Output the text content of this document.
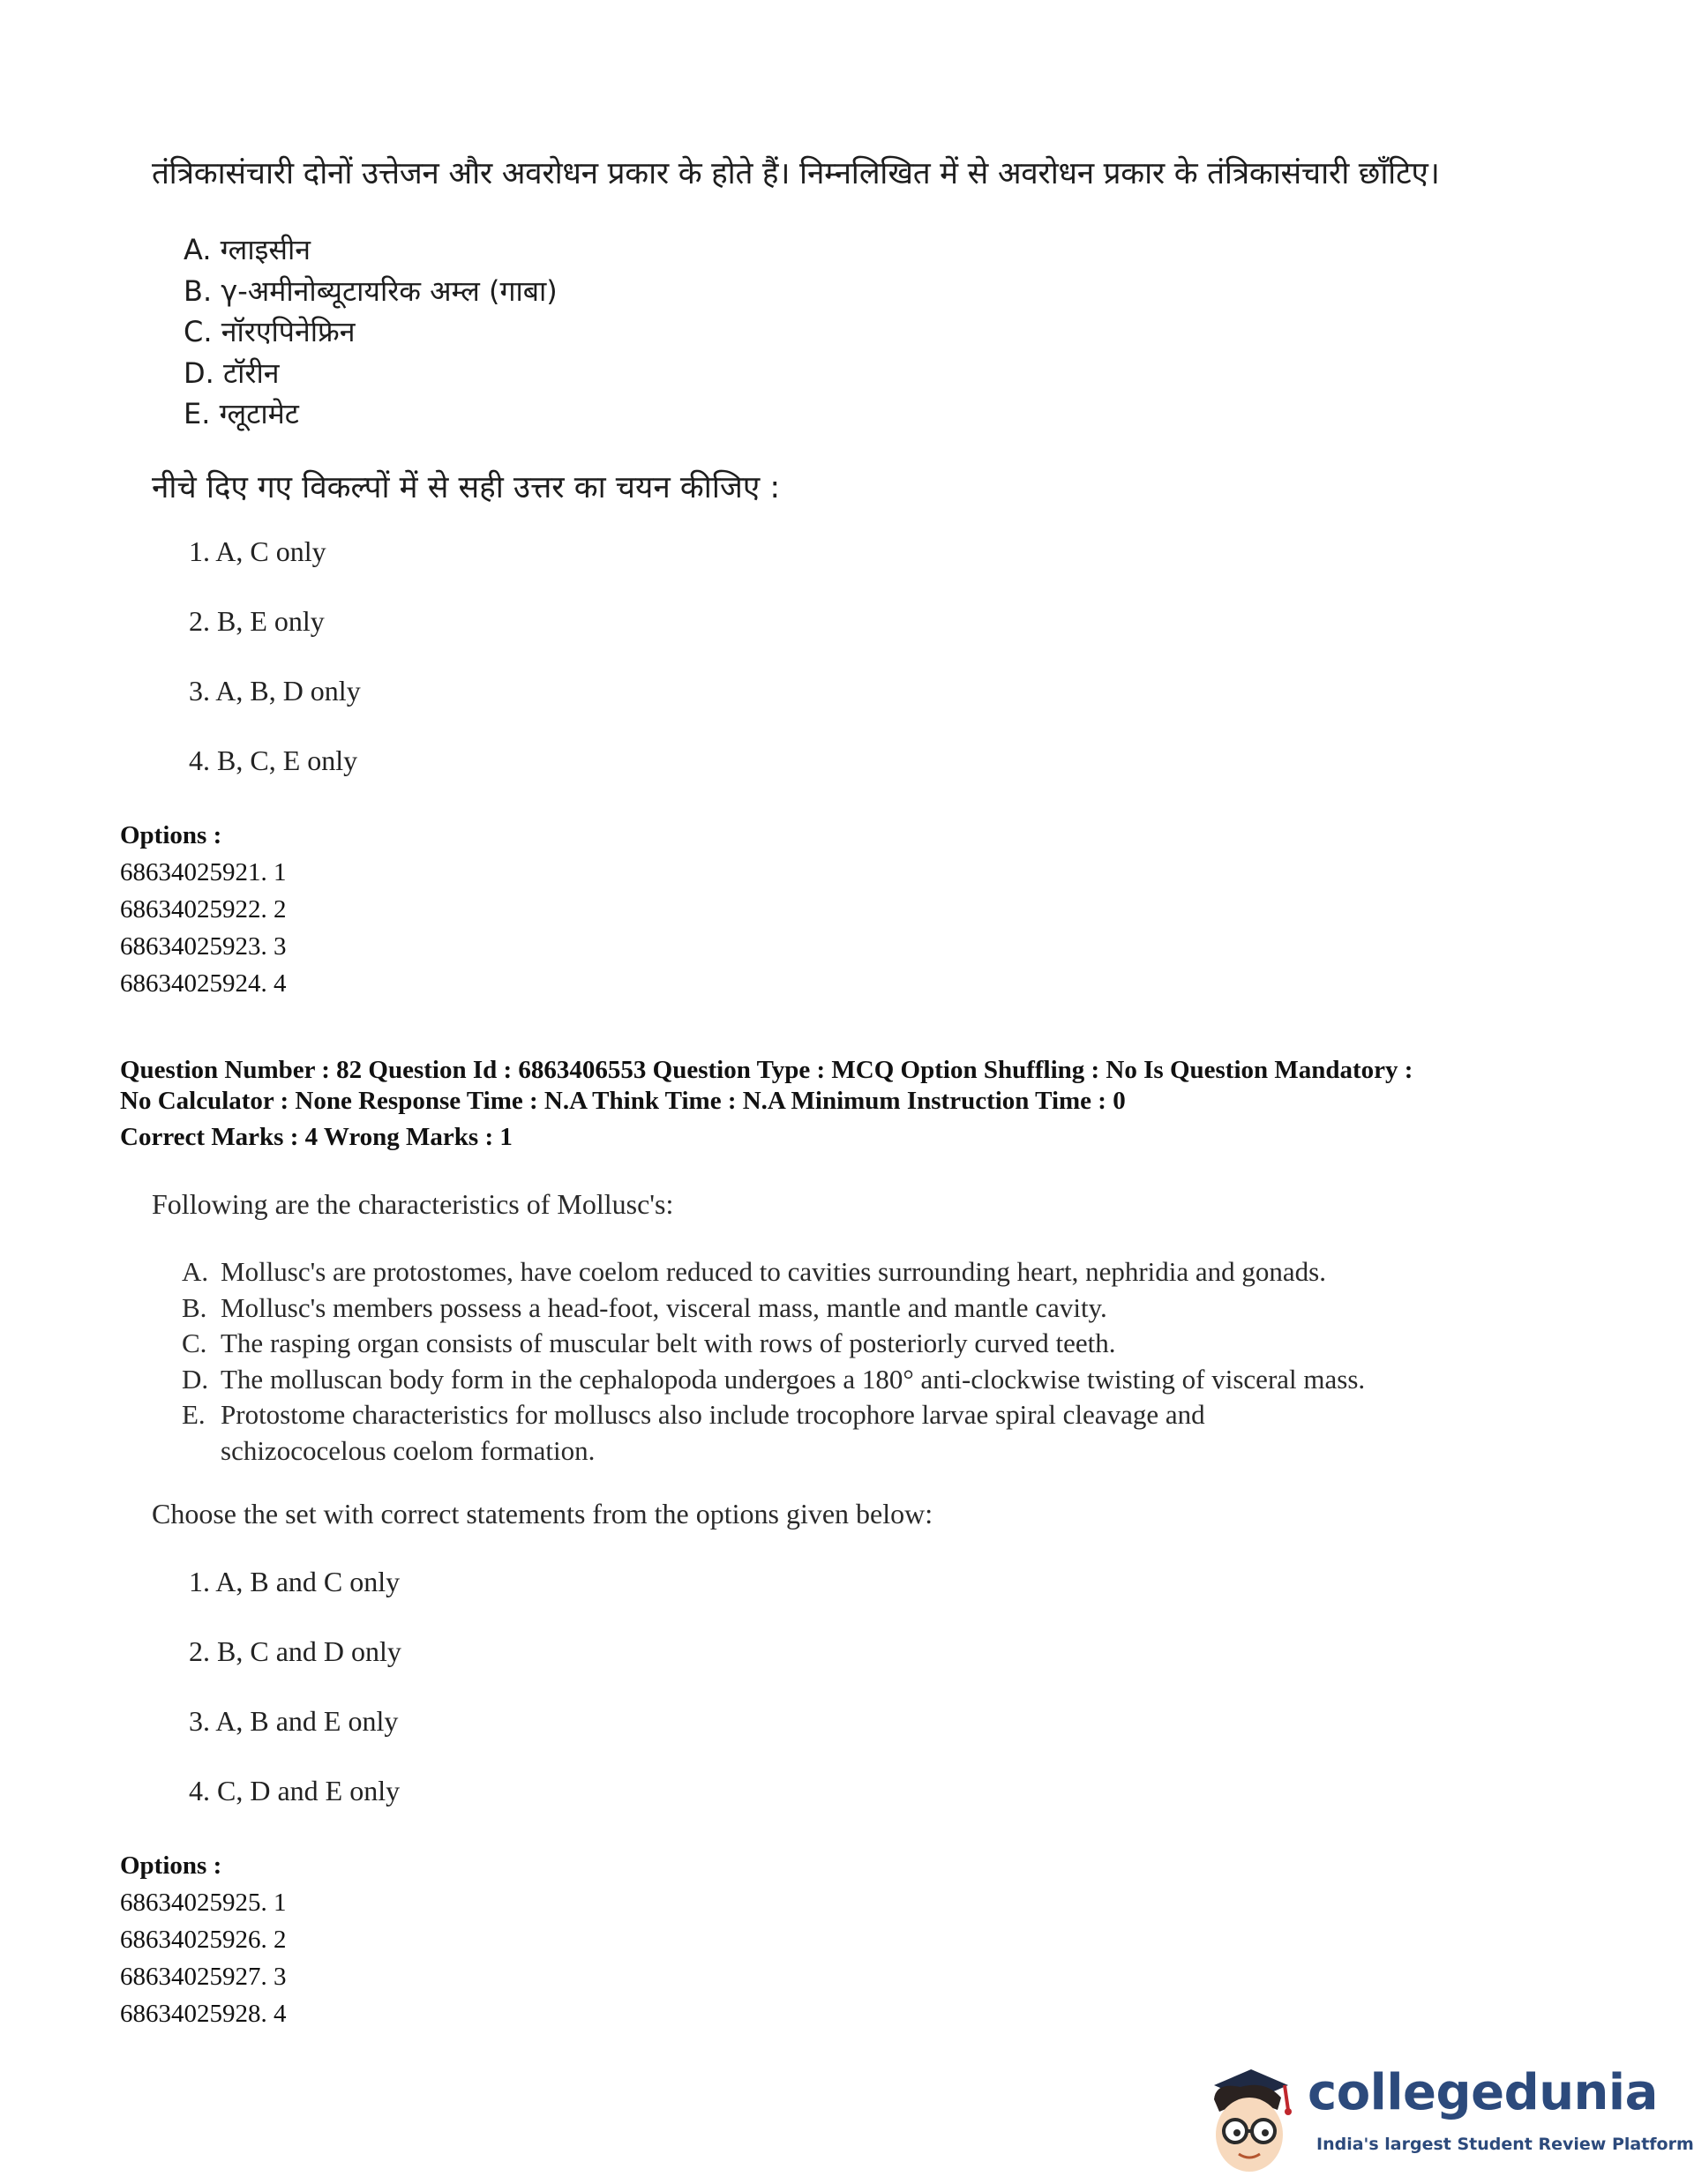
तंत्रिकासंचारी दोनों उत्तेजन और अवरोधन प्रकार के होते हैं। निम्नलिखित में से अवरोधन प्रकार के तंत्रिकासंचारी छाँटिए।
A. ग्लाइसीन
B. γ-अमीनोब्यूटायरिक अम्ल (गाबा)
C. नॉरएपिनेफ्रिन
D. टॉरीन
E. ग्लूटामेट
नीचे दिए गए विकल्पों में से सही उत्तर का चयन कीजिए :
1. A, C only
2. B, E only
3. A, B, D only
4. B, C, E only
Options :
68634025921. 1
68634025922. 2
68634025923. 3
68634025924. 4
Question Number : 82 Question Id : 6863406553 Question Type : MCQ Option Shuffling : No Is Question Mandatory :
No Calculator : None Response Time : N.A Think Time : N.A Minimum Instruction Time : 0
Correct Marks : 4 Wrong Marks : 1
Following are the characteristics of Mollusc's:
A. Mollusc's are protostomes, have coelom reduced to cavities surrounding heart, nephridia and gonads.
B. Mollusc's members possess a head-foot, visceral mass, mantle and mantle cavity.
C. The rasping organ consists of muscular belt with rows of posteriorly curved teeth.
D. The molluscan body form in the cephalopoda undergoes a 180° anti-clockwise twisting of visceral mass.
E. Protostome characteristics for molluscs also include trocophore larvae spiral cleavage and
schizococelous coelom formation.
Choose the set with correct statements from the options given below:
1. A, B and C only
2. B, C and D only
3. A, B and E only
4. C, D and E only
Options :
68634025925. 1
68634025926. 2
68634025927. 3
68634025928. 4
collegedunia
India's largest Student Review Platform
